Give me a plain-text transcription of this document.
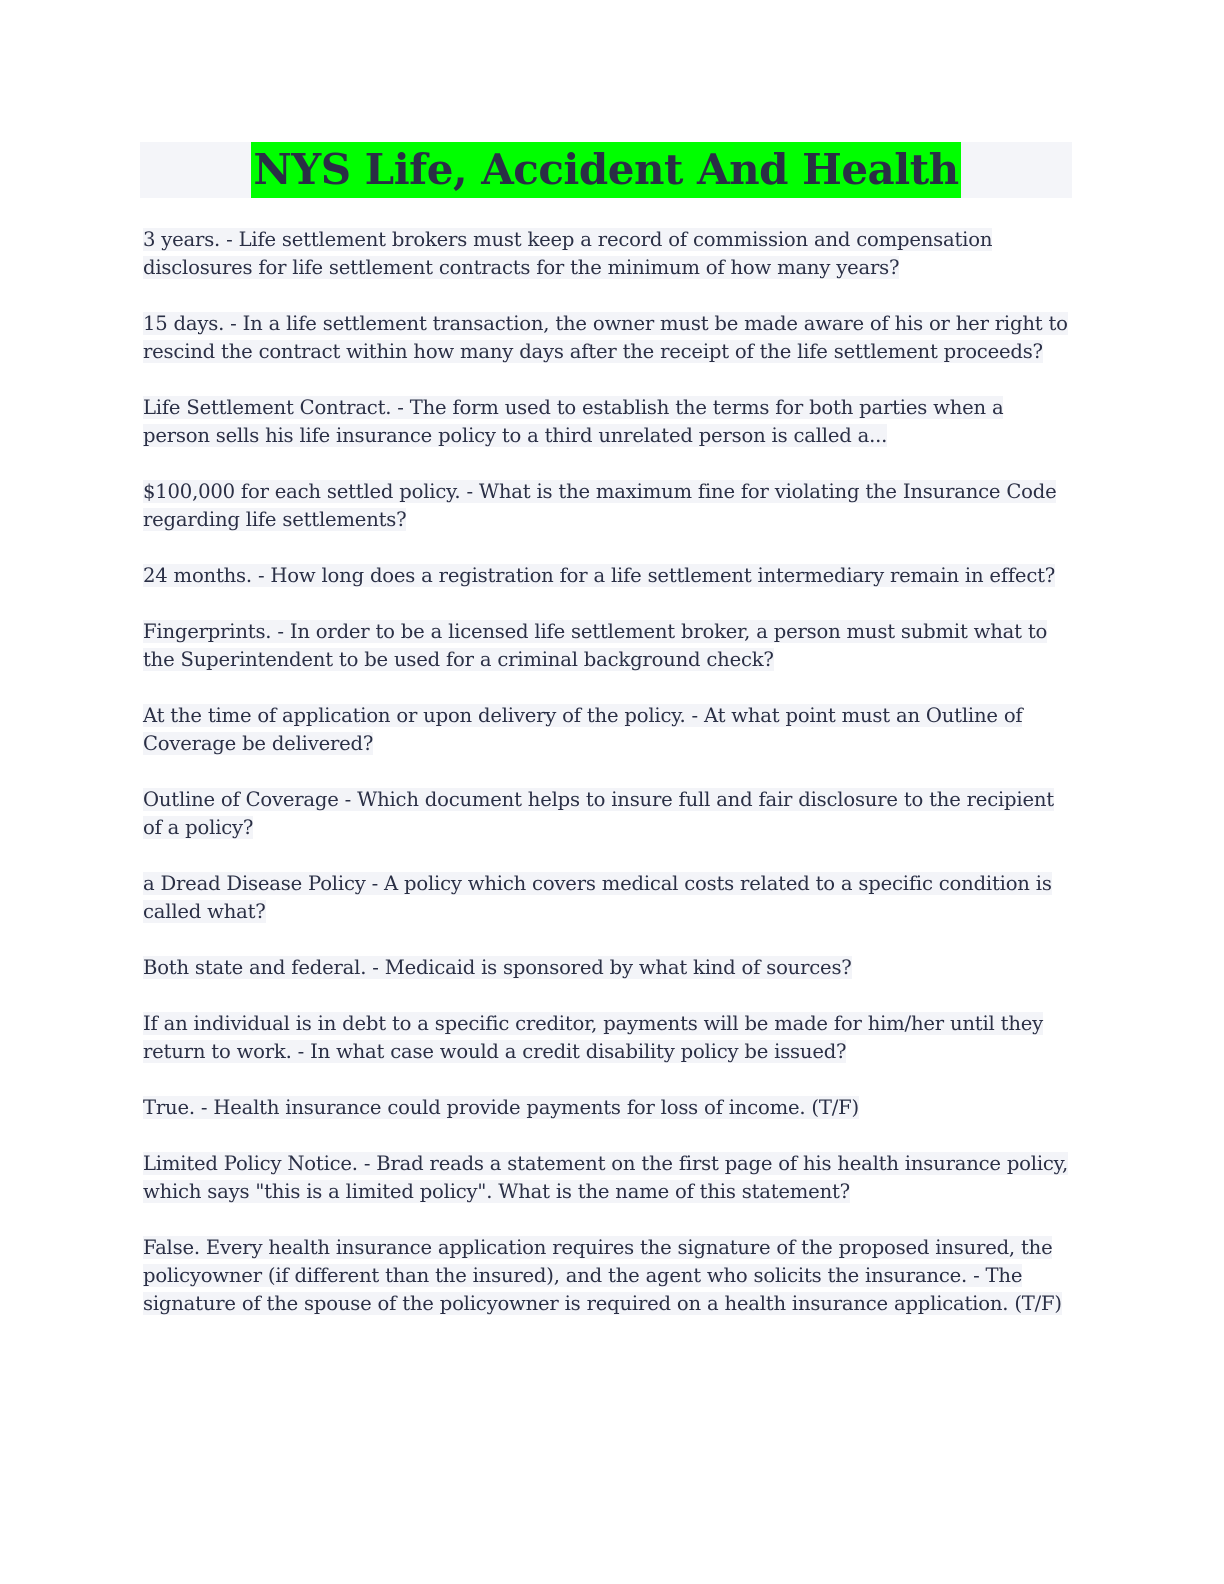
NYS Life, Accident And Health

3 years. - Life settlement brokers must keep a record of commission and compensation disclosures for life settlement contracts for the minimum of how many years?

15 days. - In a life settlement transaction, the owner must be made aware of his or her right to rescind the contract within how many days after the receipt of the life settlement proceeds?

Life Settlement Contract. - The form used to establish the terms for both parties when a person sells his life insurance policy to a third unrelated person is called a...

$100,000 for each settled policy. - What is the maximum fine for violating the Insurance Code regarding life settlements?

24 months. - How long does a registration for a life settlement intermediary remain in effect?

Fingerprints. - In order to be a licensed life settlement broker, a person must submit what to the Superintendent to be used for a criminal background check?

At the time of application or upon delivery of the policy. - At what point must an Outline of Coverage be delivered?

Outline of Coverage - Which document helps to insure full and fair disclosure to the recipient of a policy?

a Dread Disease Policy - A policy which covers medical costs related to a specific condition is called what?

Both state and federal. - Medicaid is sponsored by what kind of sources?

If an individual is in debt to a specific creditor, payments will be made for him/her until they return to work. - In what case would a credit disability policy be issued?

True. - Health insurance could provide payments for loss of income. (T/F)

Limited Policy Notice. - Brad reads a statement on the first page of his health insurance policy, which says "this is a limited policy". What is the name of this statement?

False. Every health insurance application requires the signature of the proposed insured, the policyowner (if different than the insured), and the agent who solicits the insurance. - The signature of the spouse of the policyowner is required on a health insurance application. (T/F)
